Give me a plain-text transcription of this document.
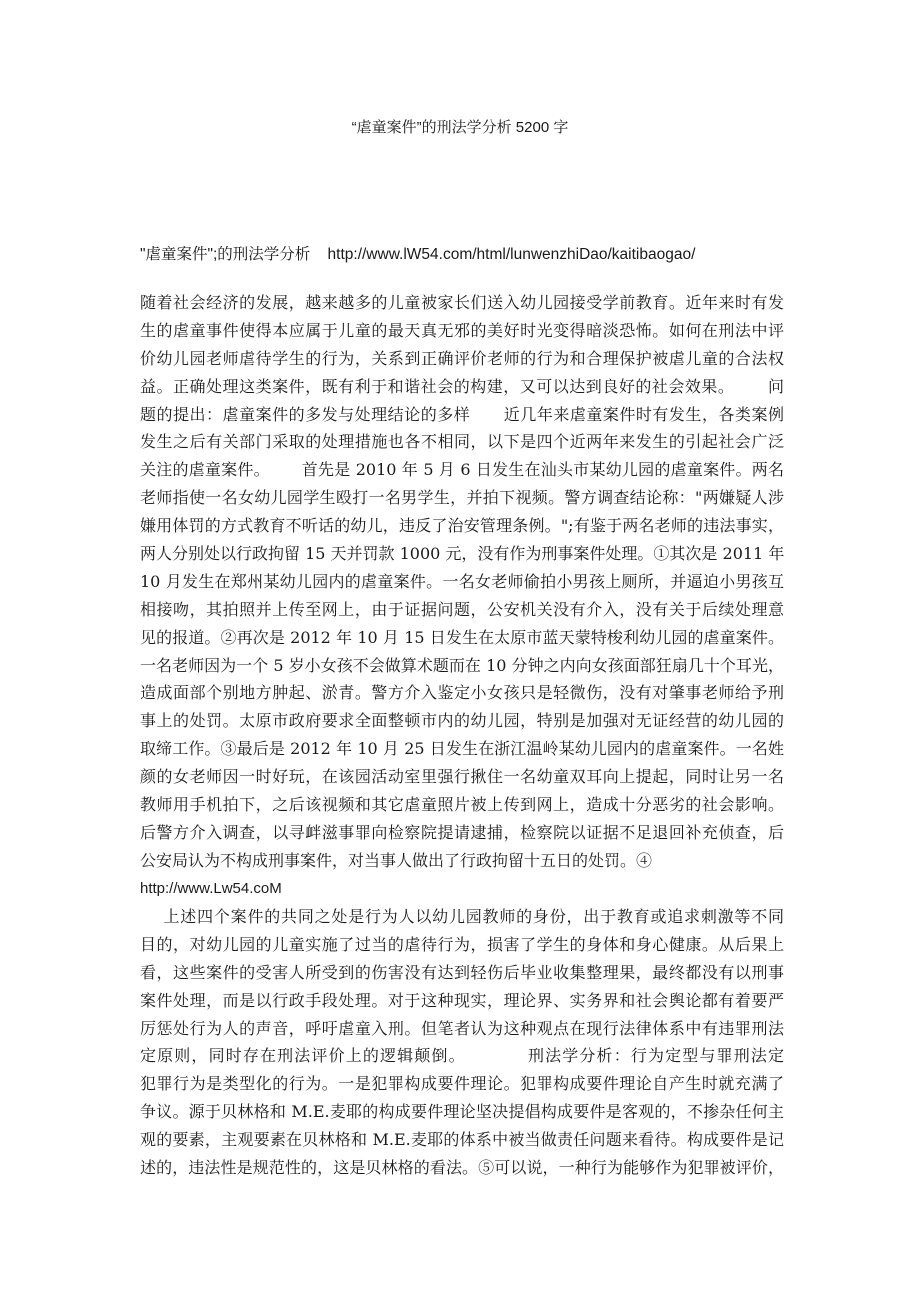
“虐童案件”的刑法学分析 5200 字
"虐童案件";的刑法学分析    http://www.lW54.com/html/lunwenzhiDao/kaitibaogao/
随着社会经济的发展，越来越多的儿童被家长们送入幼儿园接受学前教育。近年来时有发
生的虐童事件使得本应属于儿童的最天真无邪的美好时光变得暗淡恐怖。如何在刑法中评
价幼儿园老师虐待学生的行为，关系到正确评价老师的行为和合理保护被虐儿童的合法权
益。正确处理这类案件，既有利于和谐社会的构建，又可以达到良好的社会效果。      问
题的提出：虐童案件的多发与处理结论的多样      近几年来虐童案件时有发生，各类案例
发生之后有关部门采取的处理措施也各不相同，以下是四个近两年来发生的引起社会广泛
关注的虐童案件。      首先是 2010 年 5 月 6 日发生在汕头市某幼儿园的虐童案件。两名
老师指使一名女幼儿园学生殴打一名男学生，并拍下视频。警方调查结论称："两嫌疑人涉
嫌用体罚的方式教育不听话的幼儿，违反了治安管理条例。";有鉴于两名老师的违法事实，
两人分别处以行政拘留 15 天并罚款 1000 元，没有作为刑事案件处理。①其次是 2011 年
10 月发生在郑州某幼儿园内的虐童案件。一名女老师偷拍小男孩上厕所，并逼迫小男孩互
相接吻，其拍照并上传至网上，由于证据问题，公安机关没有介入，没有关于后续处理意
见的报道。②再次是 2012 年 10 月 15 日发生在太原市蓝天蒙特梭利幼儿园的虐童案件。
一名老师因为一个 5 岁小女孩不会做算术题而在 10 分钟之内向女孩面部狂扇几十个耳光，
造成面部个别地方肿起、淤青。警方介入鉴定小女孩只是轻微伤，没有对肇事老师给予刑
事上的处罚。太原市政府要求全面整顿市内的幼儿园，特别是加强对无证经营的幼儿园的
取缔工作。③最后是 2012 年 10 月 25 日发生在浙江温岭某幼儿园内的虐童案件。一名姓
颜的女老师因一时好玩，在该园活动室里强行揪住一名幼童双耳向上提起，同时让另一名
教师用手机拍下，之后该视频和其它虐童照片被上传到网上，造成十分恶劣的社会影响。
后警方介入调查，以寻衅滋事罪向检察院提请逮捕，检察院以证据不足退回补充侦查，后
公安局认为不构成刑事案件，对当事人做出了行政拘留十五日的处罚。④
http://www.Lw54.coM
上述四个案件的共同之处是行为人以幼儿园教师的身份，出于教育或追求刺激等不同
目的，对幼儿园的儿童实施了过当的虐待行为，损害了学生的身体和身心健康。从后果上
看，这些案件的受害人所受到的伤害没有达到轻伤后毕业收集整理果，最终都没有以刑事
案件处理，而是以行政手段处理。对于这种现实，理论界、实务界和社会舆论都有着要严
厉惩处行为人的声音，呼吁虐童入刑。但笔者认为这种观点在现行法律体系中有违罪刑法
定原则，同时存在刑法评价上的逻辑颠倒。          刑法学分析：行为定型与罪刑法定
犯罪行为是类型化的行为。一是犯罪构成要件理论。犯罪构成要件理论自产生时就充满了
争议。源于贝林格和 M.E.麦耶的构成要件理论坚决提倡构成要件是客观的，不掺杂任何主
观的要素，主观要素在贝林格和 M.E.麦耶的体系中被当做责任问题来看待。构成要件是记
述的，违法性是规范性的，这是贝林格的看法。⑤可以说，一种行为能够作为犯罪被评价，
